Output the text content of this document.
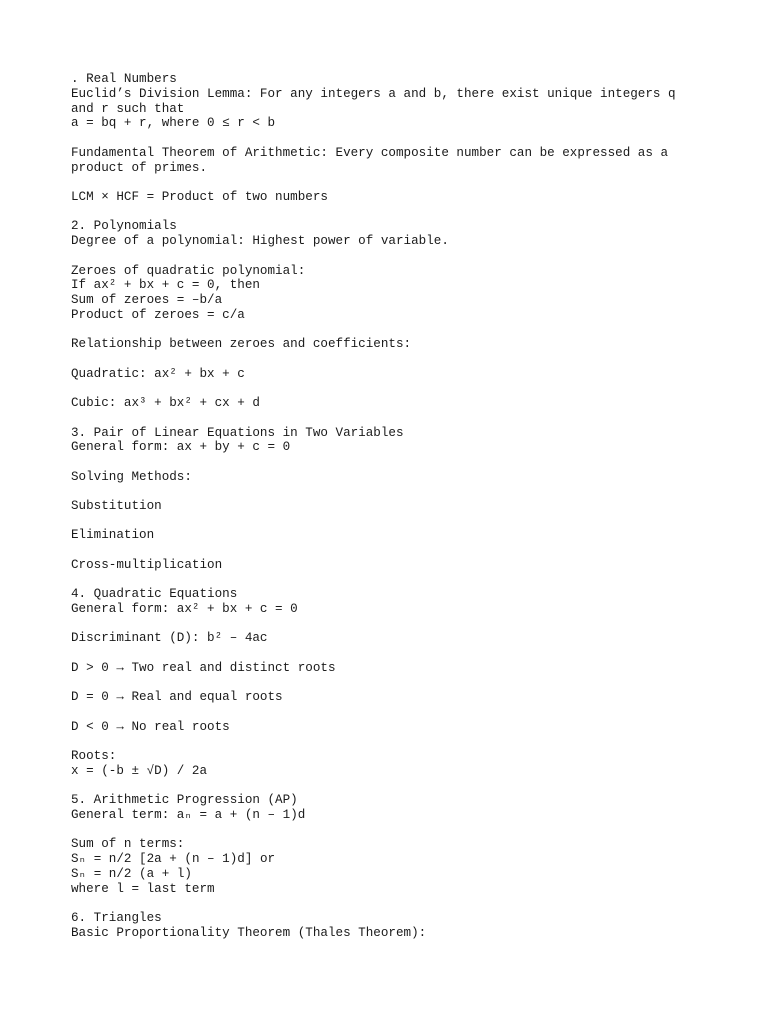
. Real Numbers
Euclid’s Division Lemma: For any integers a and b, there exist unique integers q
and r such that
a = bq + r, where 0 ≤ r < b
Fundamental Theorem of Arithmetic: Every composite number can be expressed as a
product of primes.
LCM × HCF = Product of two numbers
2. Polynomials
Degree of a polynomial: Highest power of variable.
Zeroes of quadratic polynomial:
If ax² + bx + c = 0, then
Sum of zeroes = –b/a
Product of zeroes = c/a
Relationship between zeroes and coefficients:
Quadratic: ax² + bx + c
Cubic: ax³ + bx² + cx + d
3. Pair of Linear Equations in Two Variables
General form: ax + by + c = 0
Solving Methods:
Substitution
Elimination
Cross-multiplication
4. Quadratic Equations
General form: ax² + bx + c = 0
Discriminant (D): b² – 4ac
D > 0 → Two real and distinct roots
D = 0 → Real and equal roots
D < 0 → No real roots
Roots:
x = (-b ± √D) / 2a
5. Arithmetic Progression (AP)
General term: aₙ = a + (n – 1)d
Sum of n terms:
Sₙ = n/2 [2a + (n – 1)d] or
Sₙ = n/2 (a + l)
where l = last term
6. Triangles
Basic Proportionality Theorem (Thales Theorem):
